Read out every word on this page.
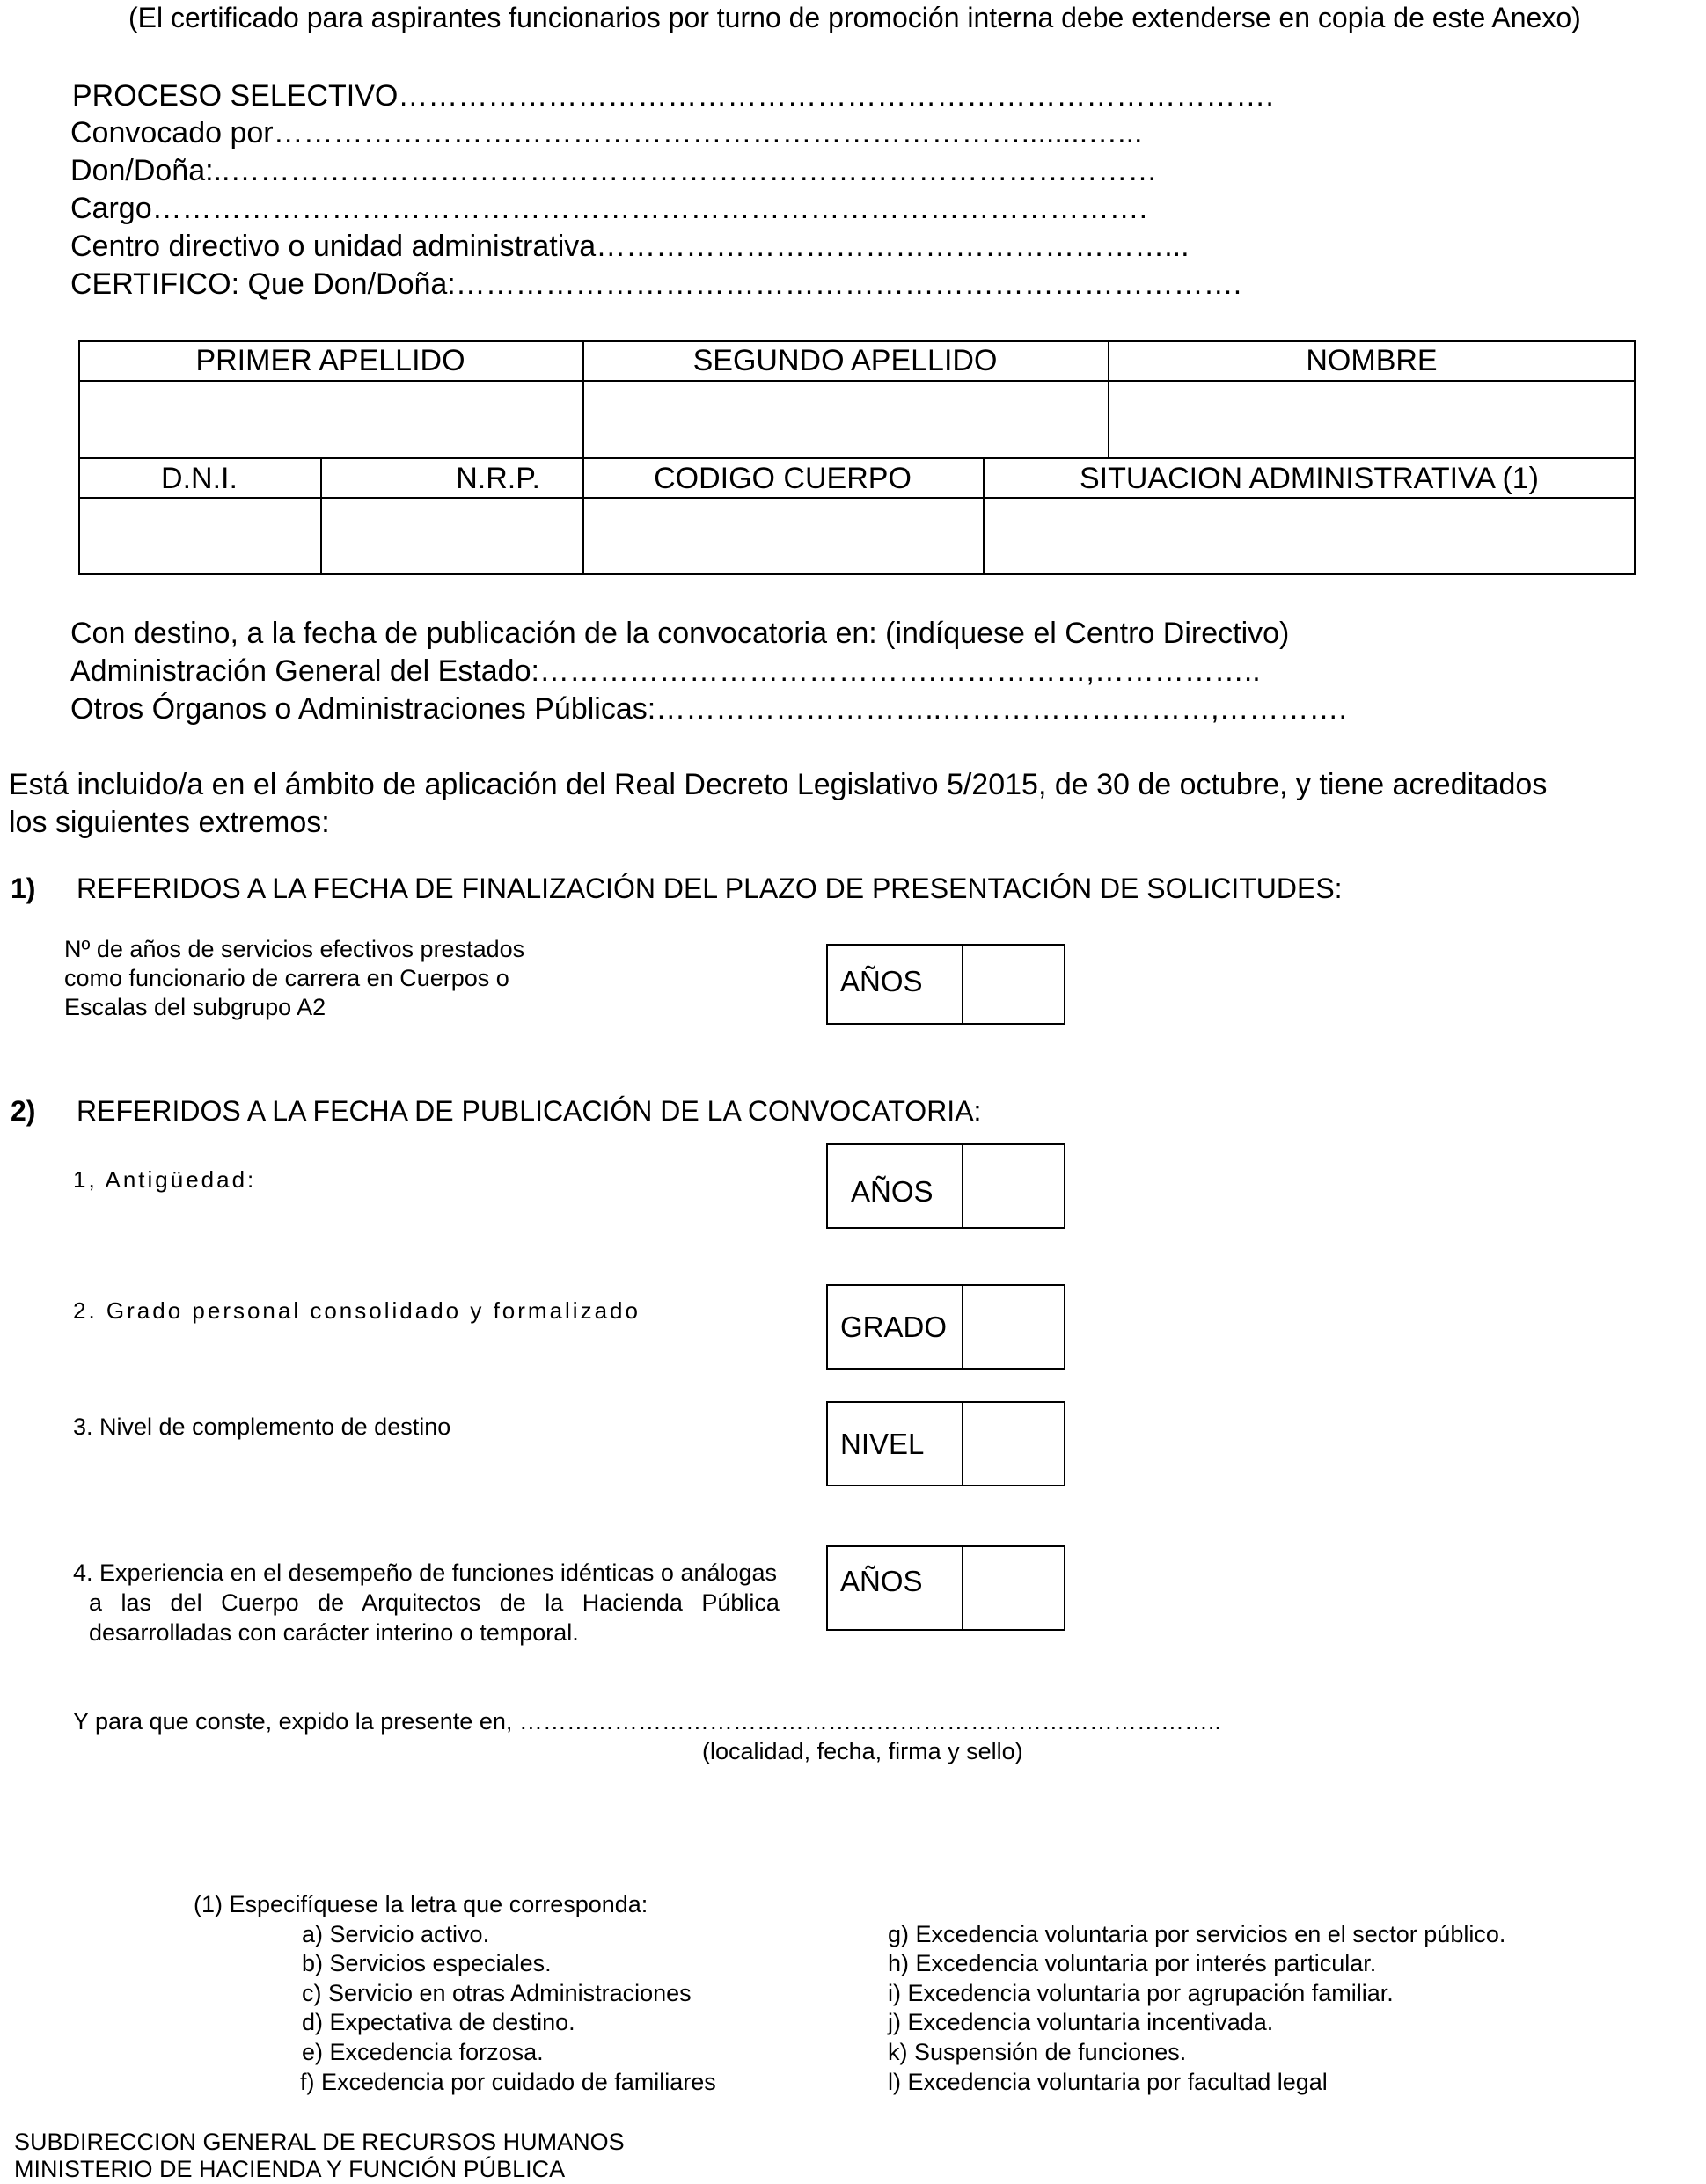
(El certificado para aspirantes funcionarios por turno de promoción interna debe extenderse en copia de este Anexo)
PROCESO SELECTIVO…………………………………………………………………………….
Convocado por…………………………………………………………………........…...
Don/Doña:..…………………………………………………………………………………
Cargo……………………………………………………………………………………….
Centro directivo o unidad administrativa…………………………………………………...
CERTIFICO: Que Don/Doña:…………………………………………………………………….
PRIMER APELLIDO	SEGUNDO APELLIDO	NOMBRE
D.N.I.	N.R.P.	CODIGO CUERPO	SITUACION ADMINISTRATIVA (1)
Con destino, a la fecha de publicación de la convocatoria en: (indíquese el Centro Directivo)
Administración General del Estado:………………………………….……………,……………..
Otros Órganos o Administraciones Públicas:………………………..………………………,………….
Está incluido/a en el ámbito de aplicación del Real Decreto Legislativo 5/2015, de 30 de octubre, y tiene acreditados
los siguientes extremos:
1) REFERIDOS A LA FECHA DE FINALIZACIÓN DEL PLAZO DE PRESENTACIÓN DE SOLICITUDES:
Nº de años de servicios efectivos prestados
como funcionario de carrera en Cuerpos o
Escalas del subgrupo A2
AÑOS
2) REFERIDOS A LA FECHA DE PUBLICACIÓN DE LA CONVOCATORIA:
1, Antigüedad:	AÑOS
2. Grado personal consolidado y formalizado	GRADO
3. Nivel de complemento de destino
NIVEL
4. Experiencia en el desempeño de funciones idénticas o análogas
a las del Cuerpo de Arquitectos de la Hacienda Pública
desarrolladas con carácter interino o temporal.
AÑOS
Y para que conste, expido la presente en, ……………………………………………………………………………..
(localidad, fecha, firma y sello)
(1) Especifíquese la letra que corresponda:
a) Servicio activo.
b) Servicios especiales.
c) Servicio en otras Administraciones
d) Expectativa de destino.
e) Excedencia forzosa.
f) Excedencia por cuidado de familiares
g) Excedencia voluntaria por servicios en el sector público.
h) Excedencia voluntaria por interés particular.
i) Excedencia voluntaria por agrupación familiar.
j) Excedencia voluntaria incentivada.
k) Suspensión de funciones.
l) Excedencia voluntaria por facultad legal
SUBDIRECCION GENERAL DE RECURSOS HUMANOS
MINISTERIO DE HACIENDA Y FUNCIÓN PÚBLICA
